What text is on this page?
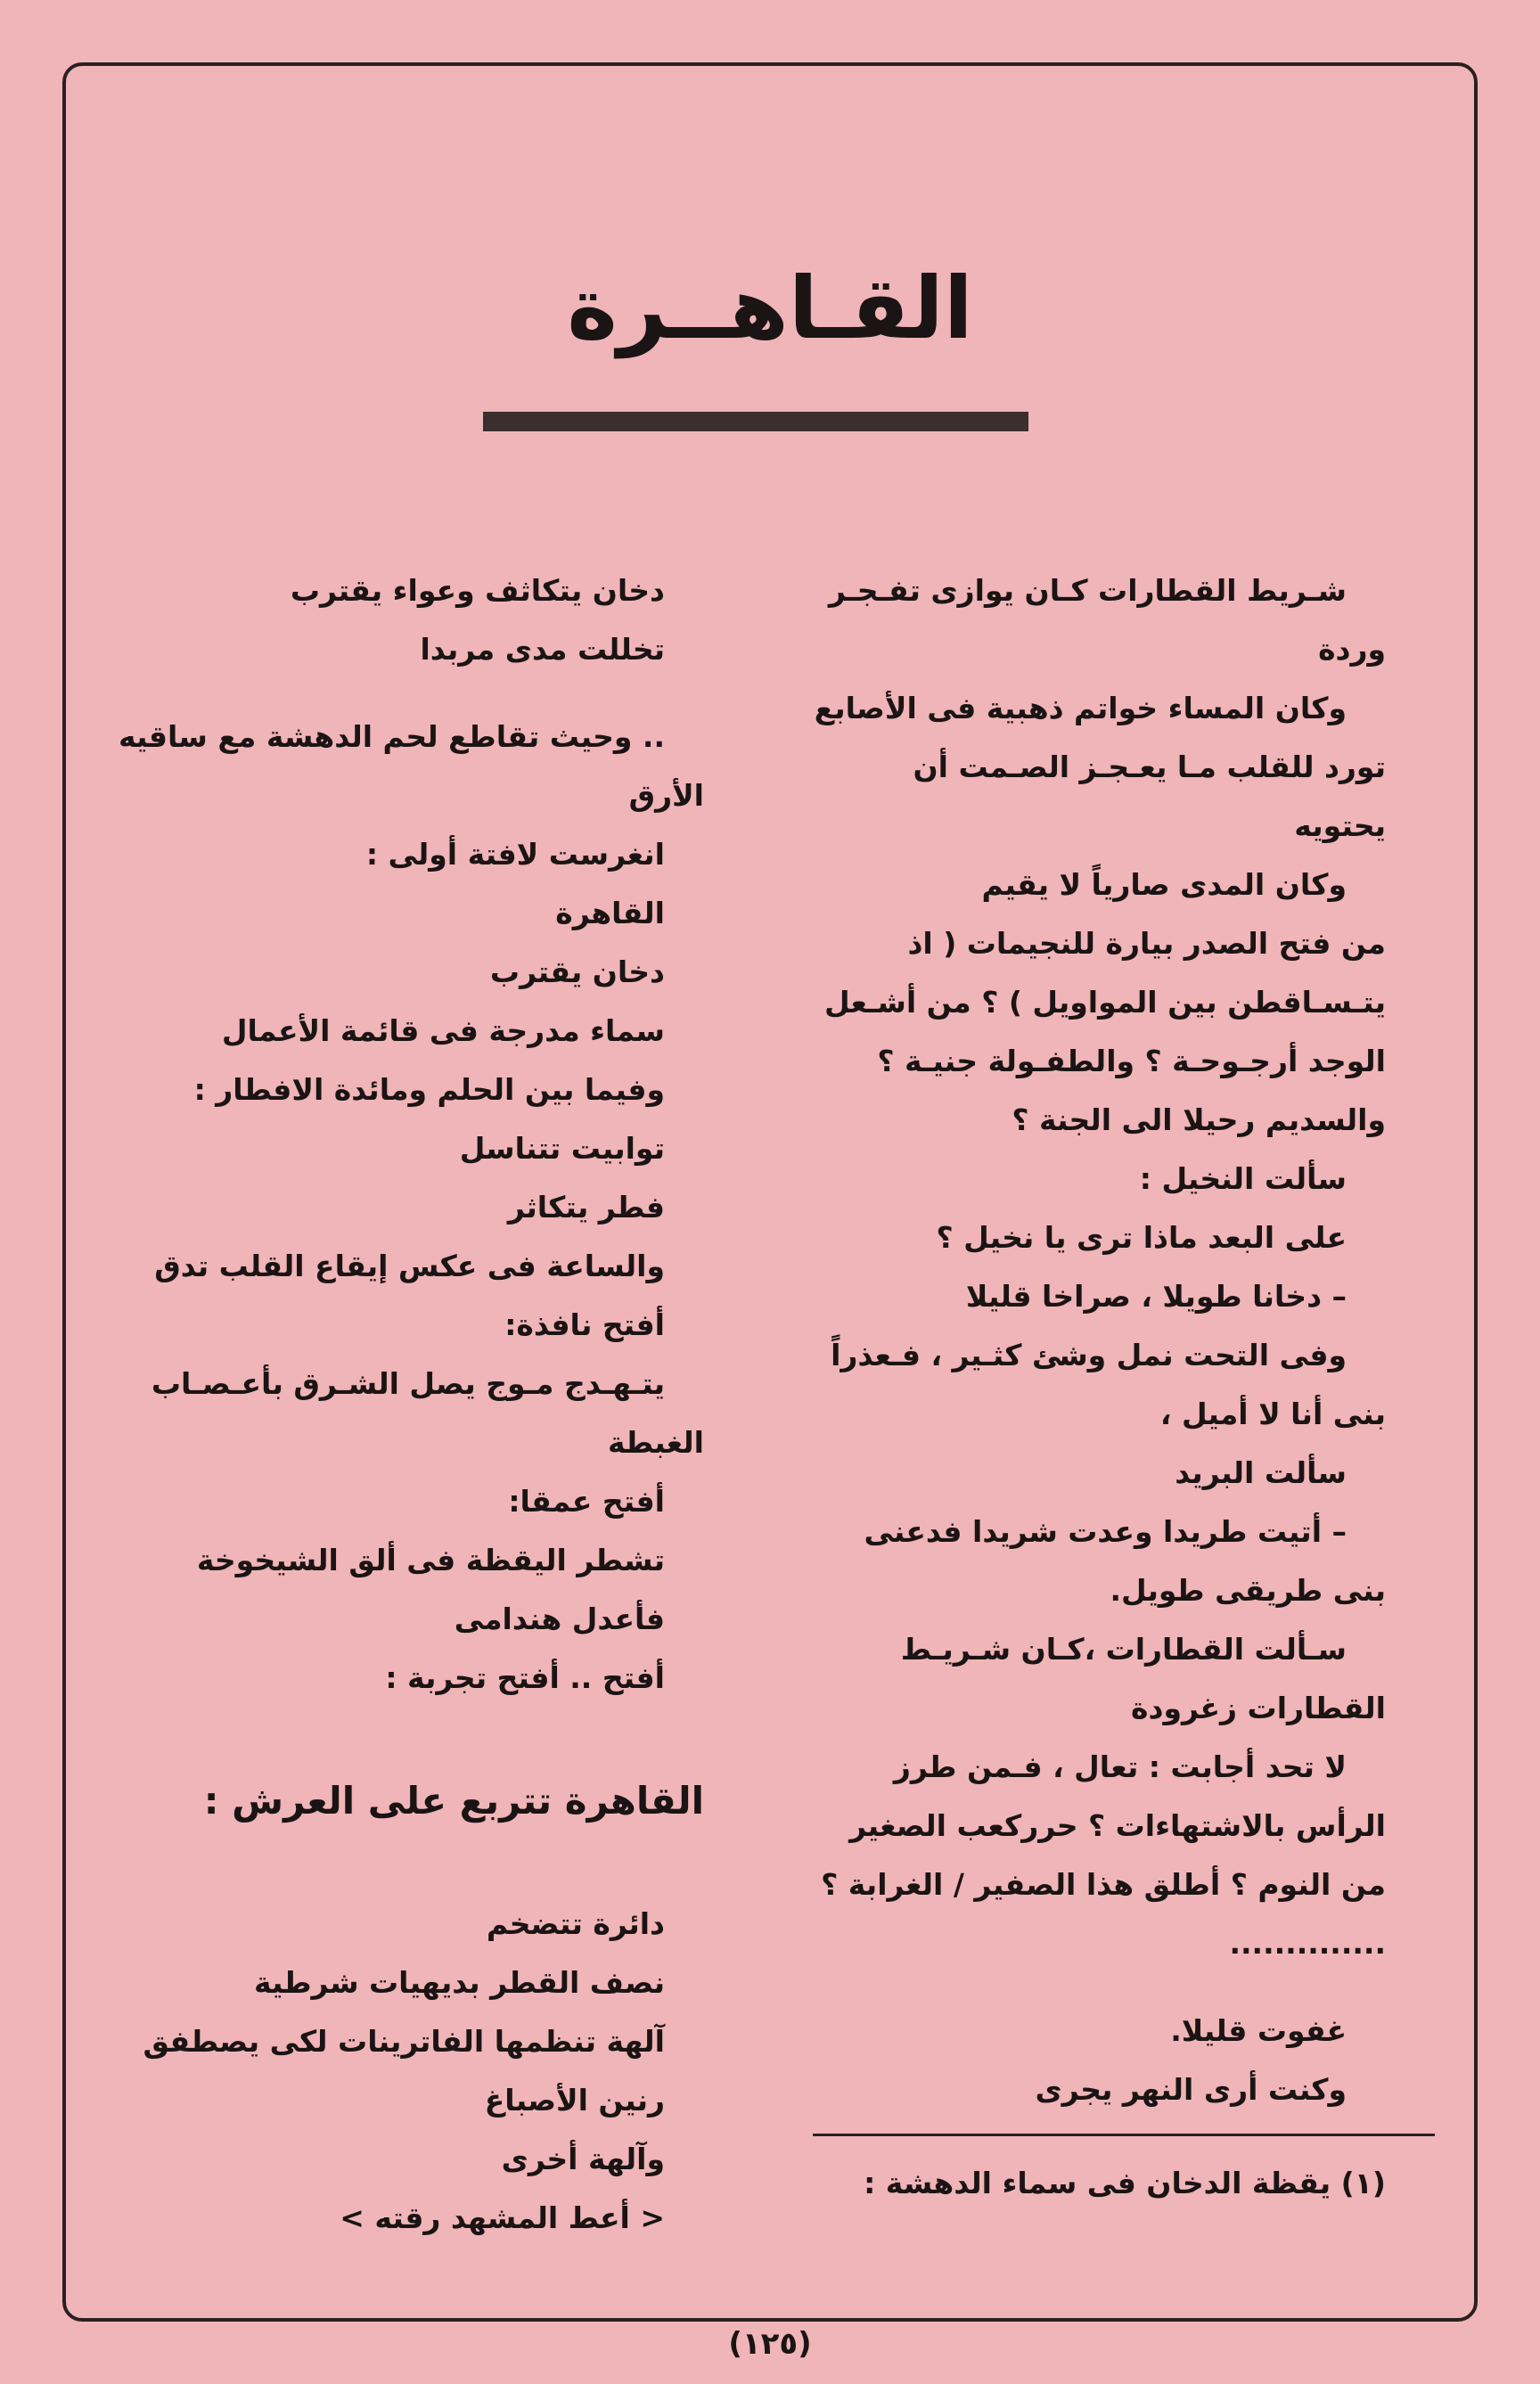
القـاهــرة
شـريط القطارات كـان يوازى تفـجـر
وردة
وكان المساء خواتم ذهبية فى الأصابع
تورد للقلب مـا يعـجـز الصـمت أن
يحتويه
وكان المدى صارياً لا يقيم
من فتح الصدر بيارة للنجيمات ( اذ
يتـسـاقطن بين المواويل ) ؟ من أشـعل
الوجد أرجـوحـة ؟ والطفـولة جنيـة ؟
والسديم رحيلا الى الجنة ؟
سألت النخيل :
على البعد ماذا ترى يا نخيل ؟
– دخانا طويلا ، صراخا قليلا
وفى التحت نمل وشئ كثـير ، فـعذراً
بنى أنا لا أميل ،
سألت البريد
– أتيت طريدا وعدت شريدا فدعنى
بنى طريقى طويل.
سـألت القطارات ،كـان شـريـط
القطارات زغرودة
لا تحد أجابت : تعال ، فـمن طرز
الرأس بالاشتهاءات ؟ حرركعب الصغير
من النوم ؟ أطلق هذا الصفير / الغرابة ؟
..............
غفوت قليلا.
وكنت أرى النهر يجرى
دخان يتكاثف وعواء يقترب
تخللت مدى مربدا
.. وحيث تقاطع لحم الدهشة مع ساقيه
الأرق
انغرست لافتة أولى :
القاهرة
دخان يقترب
سماء مدرجة فى قائمة الأعمال
وفيما بين الحلم ومائدة الافطار :
توابيت تتناسل
فطر يتكاثر
والساعة فى عكس إيقاع القلب تدق
أفتح نافذة:
يتـهـدج مـوج يصل الشـرق بأعـصـاب
الغبطة
أفتح عمقا:
تشطر اليقظة فى ألق الشيخوخة
فأعدل هندامى
أفتح .. أفتح تجربة :
القاهرة تتربع على العرش :
دائرة تتضخم
نصف القطر بديهيات شرطية
آلهة تنظمها الفاترينات لكى يصطفق
رنين الأصباغ
وآلهة أخرى
< أعط المشهد رقته >
(١) يقظة الدخان فى سماء الدهشة :
(١٢٥)
